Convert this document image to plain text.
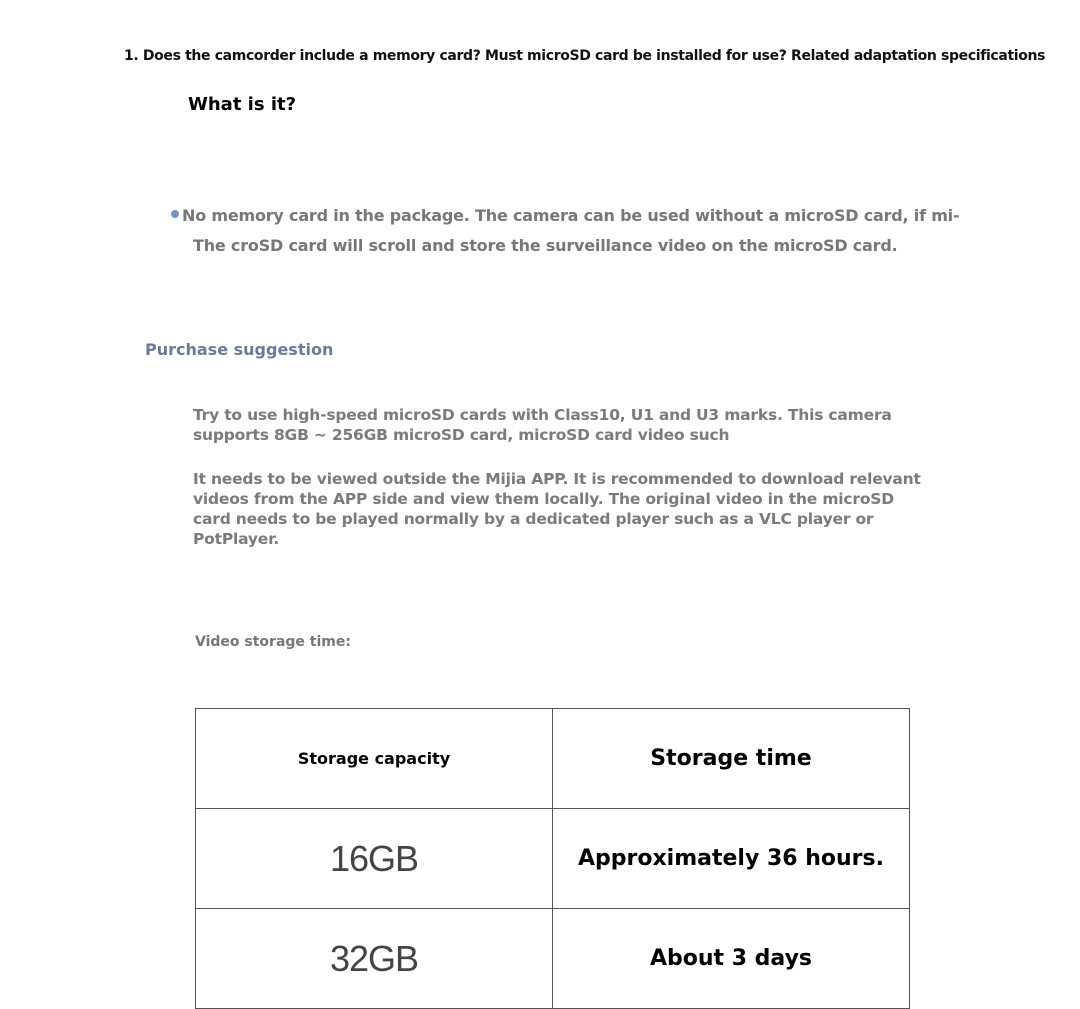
1. Does the camcorder include a memory card? Must microSD card be installed for use? Related adaptation specifications
What is it?
No memory card in the package. The camera can be used without a microSD card, if mi-
The croSD card will scroll and store the surveillance video on the microSD card.
Purchase suggestion
Try to use high-speed microSD cards with Class10, U1 and U3 marks. This camera supports 8GB ~ 256GB microSD card, microSD card video such
It needs to be viewed outside the Mijia APP. It is recommended to download relevant videos from the APP side and view them locally. The original video in the microSD card needs to be played normally by a dedicated player such as a VLC player or PotPlayer.
Video storage time:
Storage capacity	Storage time
16GB	Approximately 36 hours.
32GB	About 3 days
